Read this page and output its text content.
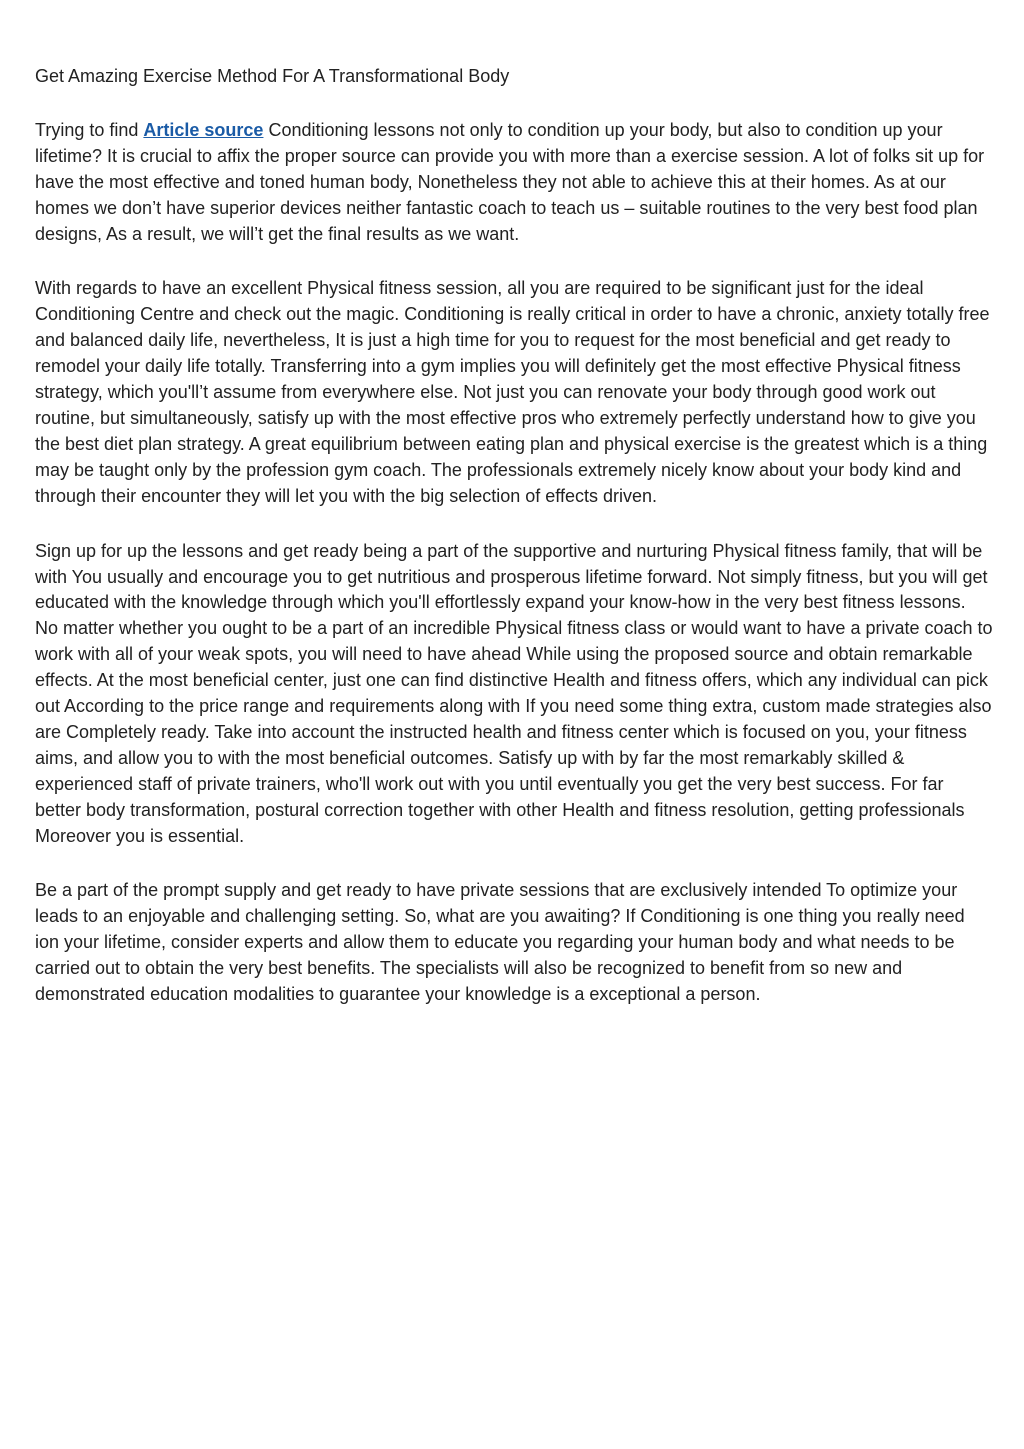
Get Amazing Exercise Method For A Transformational Body

Trying to find Article source Conditioning lessons not only to condition up your body, but also to condition up your lifetime? It is crucial to affix the proper source can provide you with more than a exercise session. A lot of folks sit up for have the most effective and toned human body, Nonetheless they not able to achieve this at their homes. As at our homes we don’t have superior devices neither fantastic coach to teach us – suitable routines to the very best food plan designs, As a result, we will’t get the final results as we want.

With regards to have an excellent Physical fitness session, all you are required to be significant just for the ideal Conditioning Centre and check out the magic. Conditioning is really critical in order to have a chronic, anxiety totally free and balanced daily life, nevertheless, It is just a high time for you to request for the most beneficial and get ready to remodel your daily life totally. Transferring into a gym implies you will definitely get the most effective Physical fitness strategy, which you'll’t assume from everywhere else. Not just you can renovate your body through good work out routine, but simultaneously, satisfy up with the most effective pros who extremely perfectly understand how to give you the best diet plan strategy. A great equilibrium between eating plan and physical exercise is the greatest which is a thing may be taught only by the profession gym coach. The professionals extremely nicely know about your body kind and through their encounter they will let you with the big selection of effects driven.

Sign up for up the lessons and get ready being a part of the supportive and nurturing Physical fitness family, that will be with You usually and encourage you to get nutritious and prosperous lifetime forward. Not simply fitness, but you will get educated with the knowledge through which you'll effortlessly expand your know-how in the very best fitness lessons. No matter whether you ought to be a part of an incredible Physical fitness class or would want to have a private coach to work with all of your weak spots, you will need to have ahead While using the proposed source and obtain remarkable effects. At the most beneficial center, just one can find distinctive Health and fitness offers, which any individual can pick out According to the price range and requirements along with If you need some thing extra, custom made strategies also are Completely ready. Take into account the instructed health and fitness center which is focused on you, your fitness aims, and allow you to with the most beneficial outcomes. Satisfy up with by far the most remarkably skilled & experienced staff of private trainers, who'll work out with you until eventually you get the very best success. For far better body transformation, postural correction together with other Health and fitness resolution, getting professionals Moreover you is essential.

Be a part of the prompt supply and get ready to have private sessions that are exclusively intended To optimize your leads to an enjoyable and challenging setting. So, what are you awaiting? If Conditioning is one thing you really need ion your lifetime, consider experts and allow them to educate you regarding your human body and what needs to be carried out to obtain the very best benefits. The specialists will also be recognized to benefit from so new and demonstrated education modalities to guarantee your knowledge is a exceptional a person.
